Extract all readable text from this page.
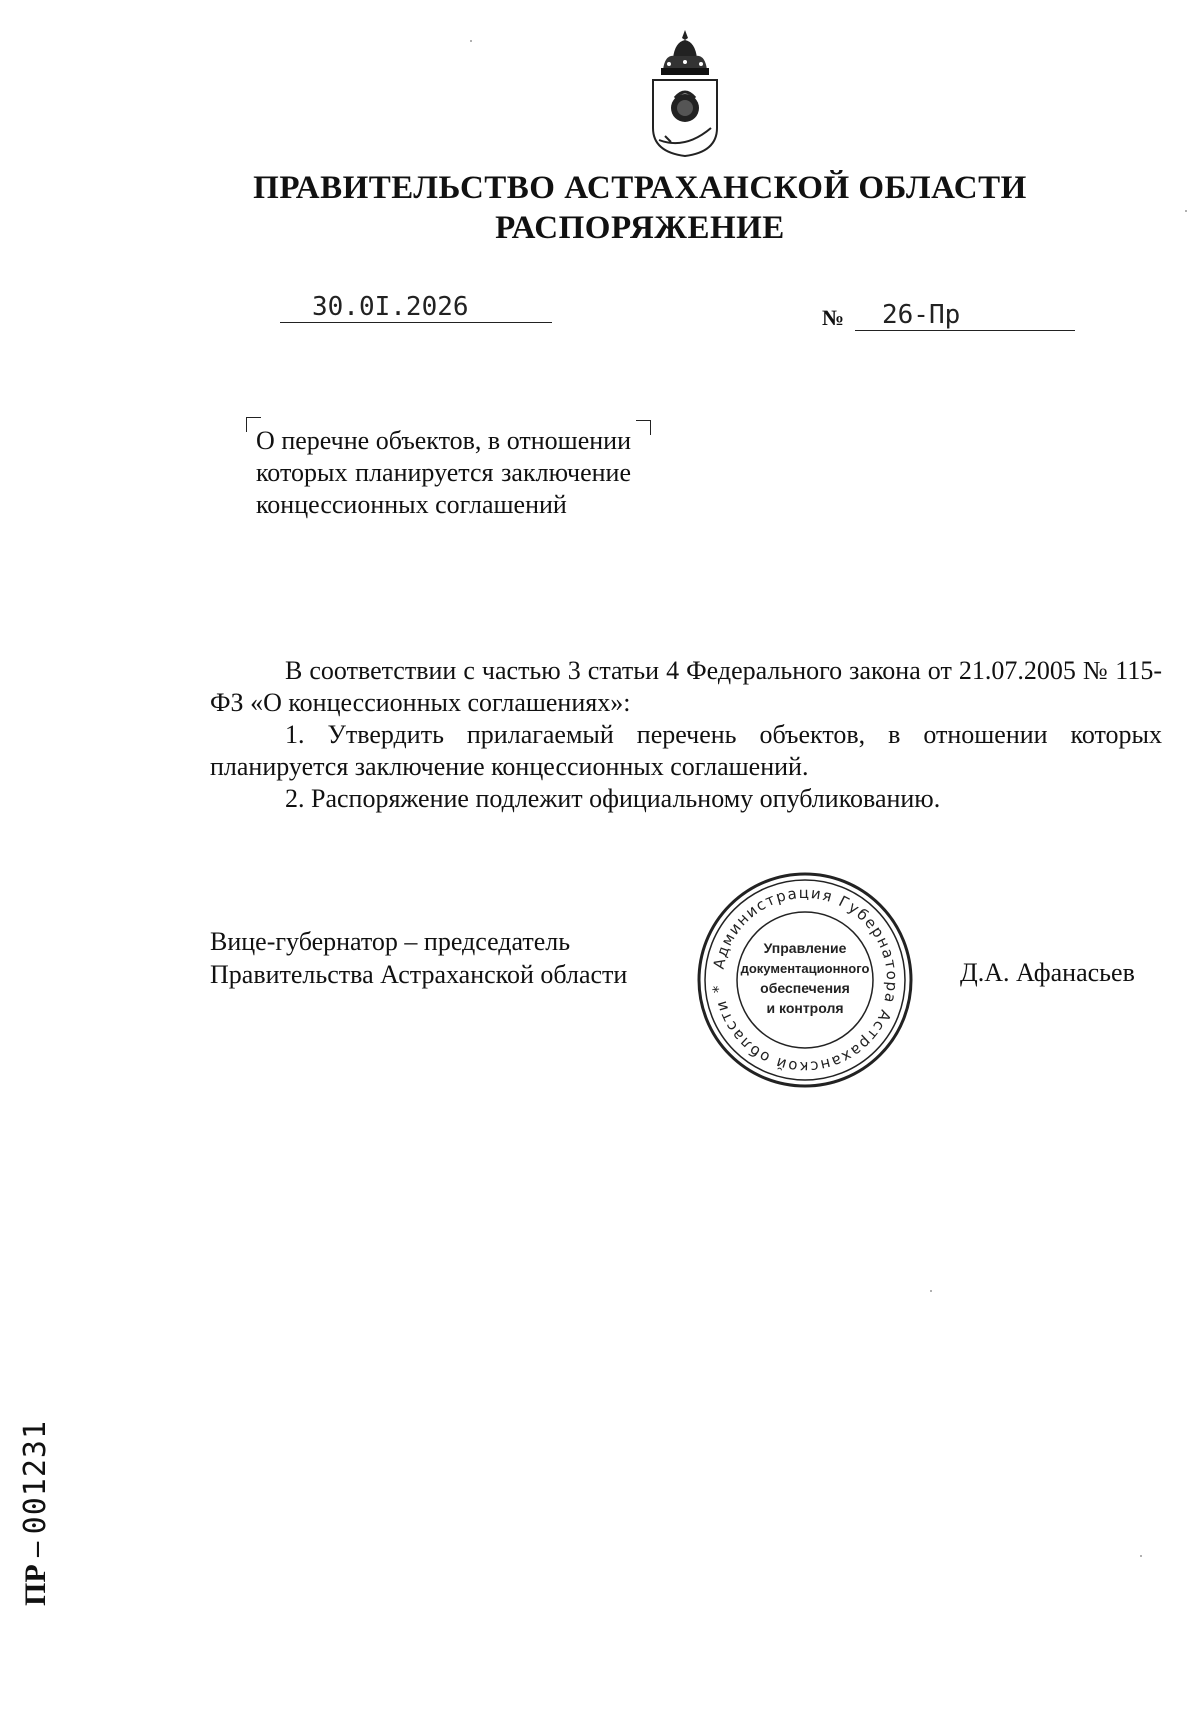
ПРАВИТЕЛЬСТВО АСТРАХАНСКОЙ ОБЛАСТИ
РАСПОРЯЖЕНИЕ
30.0I.2026	№ 26-Пр
О перечне объектов, в отношении которых планируется заключение концессионных соглашений

В соответствии с частью 3 статьи 4 Федерального закона от 21.07.2005 № 115-ФЗ «О концессионных соглашениях»:

1. Утвердить прилагаемый перечень объектов, в отношении которых планируется заключение концессионных соглашений.

2. Распоряжение подлежит официальному опубликованию.

Вице-губернатор – председатель
Правительства Астраханской области	Д.А. Афанасьев
Администрация Губернатора Астраханской области *
Управление
документационного
обеспечения
и контроля
ПР – 001231
